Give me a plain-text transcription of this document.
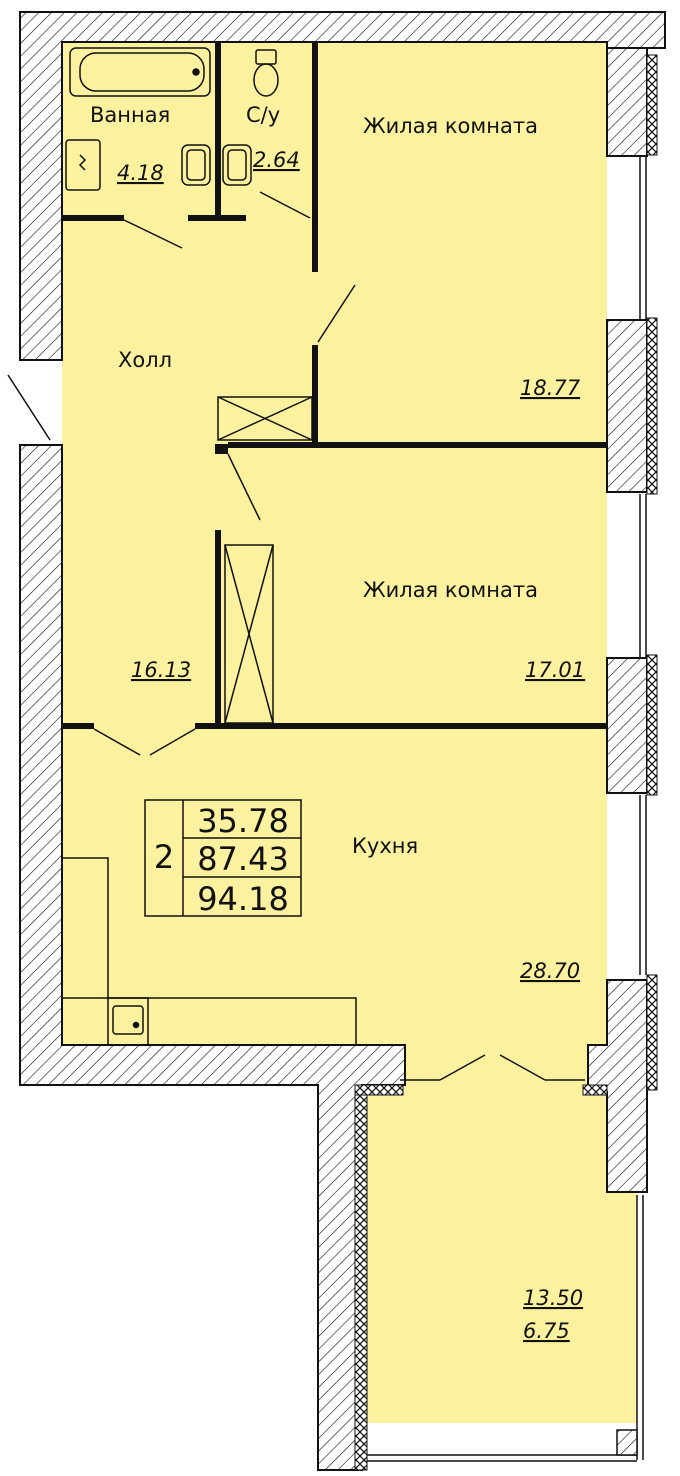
2
35.78
87.43
94.18
Ванная
4.18
С/у
2.64
Жилая комната
18.77
Холл
16.13
Жилая комната
17.01
Кухня
28.70
13.50
6.75
